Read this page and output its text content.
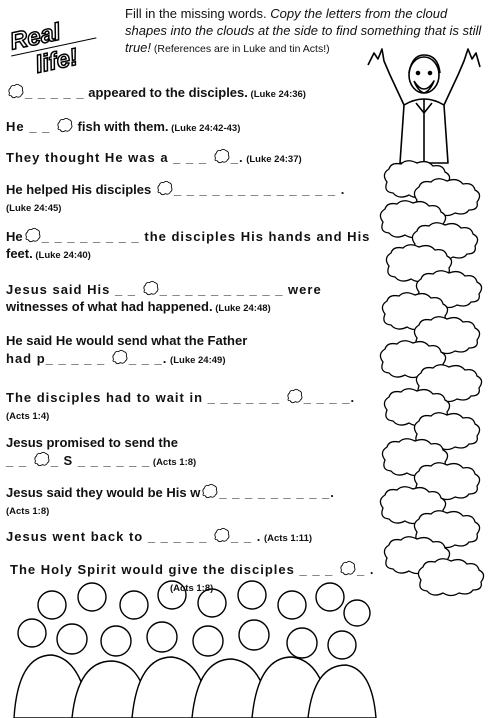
Real
life!
Fill in the missing words. Copy the letters from the cloud shapes into the clouds at the side to find something that is still true! (References are in Luke and tin Acts!)
_ _ _ _ _ appeared to the disciples. (Luke 24:36)
He _ _  fish with them. (Luke 24:42-43)
They thought He was a _ _ _ _. (Luke 24:37)
He helped His disciples _ _ _ _ _ _ _ _ _ _ _ _ _ .
(Luke 24:45)
He _ _ _ _ _ _ _ _ the disciples His hands and His
feet. (Luke 24:40)
Jesus said His _ _ _ _ _ _ _ _ _ _ _ _ were
witnesses of what had happened. (Luke 24:48)
He said He would send what the Father
had p_ _ _ _ _ _ _ _. (Luke 24:49)
The disciples had to wait in _ _ _ _ _ _ _ _ _ _.
(Acts 1:4)
Jesus promised to send the
_ _ _ S _ _ _ _ _ _ (Acts 1:8)
Jesus said they would be His w _ _ _ _ _ _ _ _ _.
(Acts 1:8)
Jesus went back to _ _ _ _ _ _ _ . (Acts 1:11)
The Holy Spirit would give the disciples _ _ _ _ .
(Acts 1:8)
